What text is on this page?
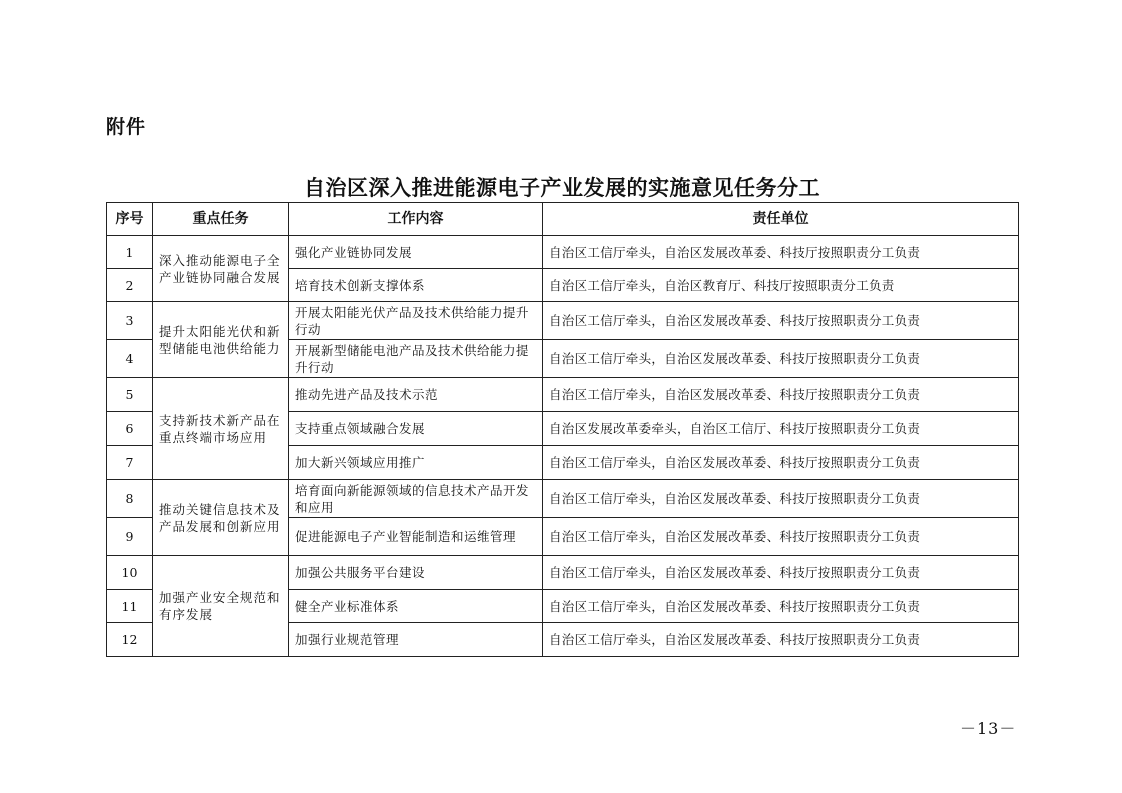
附件
自治区深入推进能源电子产业发展的实施意见任务分工
序号	重点任务	工作内容	责任单位
1	深入推动能源电子全产业链协同融合发展	强化产业链协同发展	自治区工信厅牵头，自治区发展改革委、科技厅按照职责分工负责
2		培育技术创新支撑体系	自治区工信厅牵头，自治区教育厅、科技厅按照职责分工负责
3	提升太阳能光伏和新型储能电池供给能力	开展太阳能光伏产品及技术供给能力提升行动	自治区工信厅牵头，自治区发展改革委、科技厅按照职责分工负责
4		开展新型储能电池产品及技术供给能力提升行动	自治区工信厅牵头，自治区发展改革委、科技厅按照职责分工负责
5	支持新技术新产品在重点终端市场应用	推动先进产品及技术示范	自治区工信厅牵头，自治区发展改革委、科技厅按照职责分工负责
6		支持重点领域融合发展	自治区发展改革委牵头，自治区工信厅、科技厅按照职责分工负责
7		加大新兴领域应用推广	自治区工信厅牵头，自治区发展改革委、科技厅按照职责分工负责
8	推动关键信息技术及产品发展和创新应用	培育面向新能源领域的信息技术产品开发和应用	自治区工信厅牵头，自治区发展改革委、科技厅按照职责分工负责
9		促进能源电子产业智能制造和运维管理	自治区工信厅牵头，自治区发展改革委、科技厅按照职责分工负责
10	加强产业安全规范和有序发展	加强公共服务平台建设	自治区工信厅牵头，自治区发展改革委、科技厅按照职责分工负责
11		健全产业标准体系	自治区工信厅牵头，自治区发展改革委、科技厅按照职责分工负责
12		加强行业规范管理	自治区工信厅牵头，自治区发展改革委、科技厅按照职责分工负责
－13－
